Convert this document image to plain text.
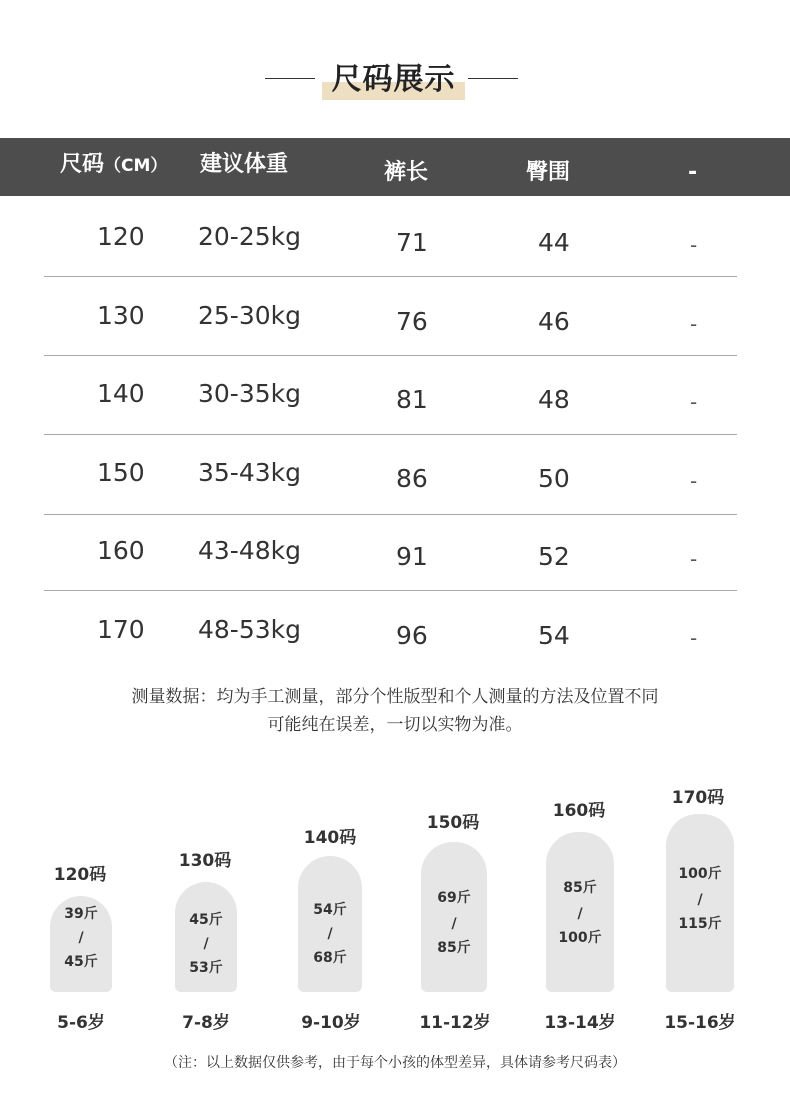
尺码展示
尺码（CM） 建议体重	裤长	臀围	-
120 20-25kg	71	44	-
130 25-30kg	76	46	-
140 30-35kg	81	48	-
150 35-43kg	86	50	-
160 43-48kg	91	52	-
170 48-53kg	96	54	-
测量数据：均为手工测量，部分个性版型和个人测量的方法及位置不同
可能纯在误差，一切以实物为准。
120码
39斤
/
45斤
5-6岁
130码
45斤
/
53斤
7-8岁
140码
54斤
/
68斤
9-10岁
150码
69斤
/
85斤
11-12岁
160码
85斤
/
100斤
13-14岁
170码
100斤
/
115斤
15-16岁
（注：以上数据仅供参考，由于每个小孩的体型差异，具体请参考尺码表）
